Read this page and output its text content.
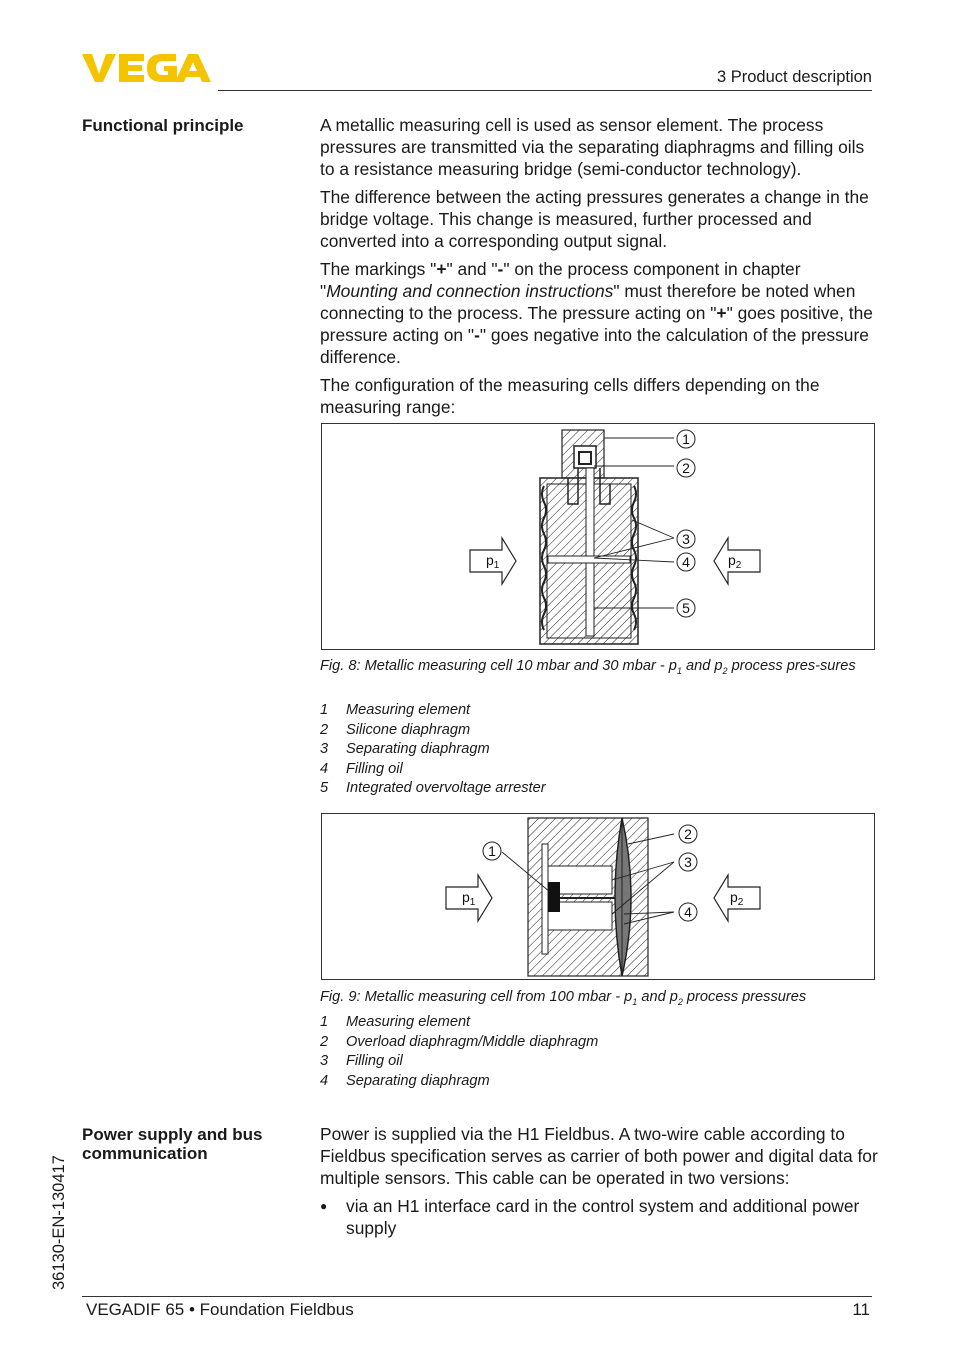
3 Product description
Functional principle	A metallic measuring cell is used as sensor element. The process pressures are transmitted via the separating diaphragms and filling oils to a resistance measuring bridge (semi-conductor technology).

The difference between the acting pressures generates a change in the bridge voltage. This change is measured, further processed and converted into a corresponding output signal.

The markings "+" and "-" on the process component in chapter "Mounting and connection instructions" must therefore be noted when connecting to the process. The pressure acting on "+" goes positive, the pressure acting on "-" goes negative into the calculation of the pressure difference.

The configuration of the measuring cells differs depending on the measuring range:

1
2
3
4
5
$p_1$	$p_2$
Fig. 8: Metallic measuring cell 10 mbar and 30 mbar - $p_1$ and $p_2$ process pres-sures
1	Measuring element
2	Silicone diaphragm
3	Separating diaphragm
4	Filling oil
5	Integrated overvoltage arrester
1
2
3
4
$p_1$	$p_2$
Fig. 9: Metallic measuring cell from 100 mbar - $p_1$ and $p_2$ process pressures
1	Measuring element
2	Overload diaphragm/Middle diaphragm
3	Filling oil
4	Separating diaphragm
Power supply and bus communication

Power is supplied via the H1 Fieldbus. A two-wire cable according to Fieldbus specification serves as carrier of both power and digital data for multiple sensors. This cable can be operated in two versions:

●	via an H1 interface card in the control system and additional power supply
36130-EN-130417
VEGADIF 65 • Foundation Fieldbus	11
